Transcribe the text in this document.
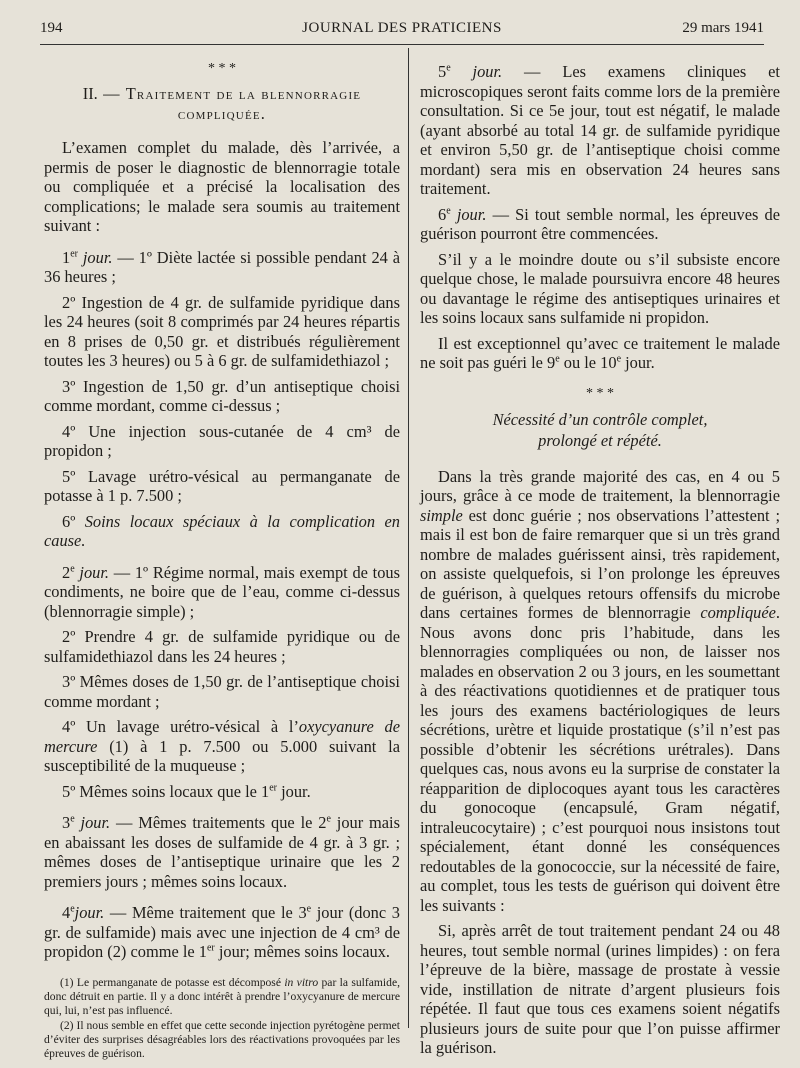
194	JOURNAL DES PRATICIENS	29 mars 1941
* * *
II. — Traitement de la blennorragie compliquée.

L’examen complet du malade, dès l’arrivée, a permis de poser le diagnostic de blennorragie totale ou compliquée et a précisé la localisation des complications; le malade sera soumis au traitement suivant :

1er jour. — 1º Diète lactée si possible pendant 24 à 36 heures ;

2º Ingestion de 4 gr. de sulfamide pyridique dans les 24 heures (soit 8 comprimés par 24 heures répartis en 8 prises de 0,50 gr. et distribués régulièrement toutes les 3 heures) ou 5 à 6 gr. de sulfamidethiazol ;

3º Ingestion de 1,50 gr. d’un antiseptique choisi comme mordant, comme ci-dessus ;

4º Une injection sous-cutanée de 4 cm³ de propidon ;

5º Lavage urétro-vésical au permanganate de potasse à 1 p. 7.500 ;

6º Soins locaux spéciaux à la complication en cause.

2e jour. — 1º Régime normal, mais exempt de tous condiments, ne boire que de l’eau, comme ci-dessus (blennorragie simple) ;

2º Prendre 4 gr. de sulfamide pyridique ou de sulfamidethiazol dans les 24 heures ;

3º Mêmes doses de 1,50 gr. de l’antiseptique choisi comme mordant ;

4º Un lavage urétro-vésical à l’oxycyanure de mercure (1) à 1 p. 7.500 ou 5.000 suivant la susceptibilité de la muqueuse ;

5º Mêmes soins locaux que le 1er jour.

3e jour. — Mêmes traitements que le 2e jour mais en abaissant les doses de sulfamide de 4 gr. à 3 gr. ; mêmes doses de l’antiseptique urinaire que les 2 premiers jours ; mêmes soins locaux.

4ejour. — Même traitement que le 3e jour (donc 3 gr. de sulfamide) mais avec une injection de 4 cm³ de propidon (2) comme le 1er jour; mêmes soins locaux.

(1) Le permanganate de potasse est décomposé in vitro par la sulfamide, donc détruit en partie. Il y a donc intérêt à prendre l’oxycyanure de mercure qui, lui, n’est pas influencé.

(2) Il nous semble en effet que cette seconde injection pyrétogène permet d’éviter des surprises désagréables lors des réactivations provoquées par les épreuves de guérison.

5e jour. — Les examens cliniques et microscopiques seront faits comme lors de la première consultation. Si ce 5e jour, tout est négatif, le malade (ayant absorbé au total 14 gr. de sulfamide pyridique et environ 5,50 gr. de l’antiseptique choisi comme mordant) sera mis en observation 24 heures sans traitement.

6e jour. — Si tout semble normal, les épreuves de guérison pourront être commencées.

S’il y a le moindre doute ou s’il subsiste encore quelque chose, le malade poursuivra encore 48 heures ou davantage le régime des antiseptiques urinaires et les soins locaux sans sulfamide ni propidon.

Il est exceptionnel qu’avec ce traitement le malade ne soit pas guéri le 9e ou le 10e jour.

* * *
Nécessité d’un contrôle complet,
prolongé et répété.

Dans la très grande majorité des cas, en 4 ou 5 jours, grâce à ce mode de traitement, la blennorragie simple est donc guérie ; nos observations l’attestent ; mais il est bon de faire remarquer que si un très grand nombre de malades guérissent ainsi, très rapidement, on assiste quelquefois, si l’on prolonge les épreuves de guérison, à quelques retours offensifs du microbe dans certaines formes de blennorragie compliquée. Nous avons donc pris l’habitude, dans les blennorragies compliquées ou non, de laisser nos malades en observation 2 ou 3 jours, en les soumettant à des réactivations quotidiennes et de pratiquer tous les jours des examens bactériologiques de leurs sécrétions, urètre et liquide prostatique (s’il n’est pas possible d’obtenir les sécrétions urétrales). Dans quelques cas, nous avons eu la surprise de constater la réapparition de diplocoques ayant tous les caractères du gonocoque (encapsulé, Gram négatif, intraleucocytaire) ; c’est pourquoi nous insistons tout spécialement, étant donné les conséquences redoutables de la gonococcie, sur la nécessité de faire, au complet, tous les tests de guérison qui doivent être les suivants :

Si, après arrêt de tout traitement pendant 24 ou 48 heures, tout semble normal (urines limpides) : on fera l’épreuve de la bière, massage de prostate à vessie vide, instillation de nitrate d’argent plusieurs fois répétée. Il faut que tous ces examens soient négatifs plusieurs jours de suite pour que l’on puisse affirmer la guérison.
